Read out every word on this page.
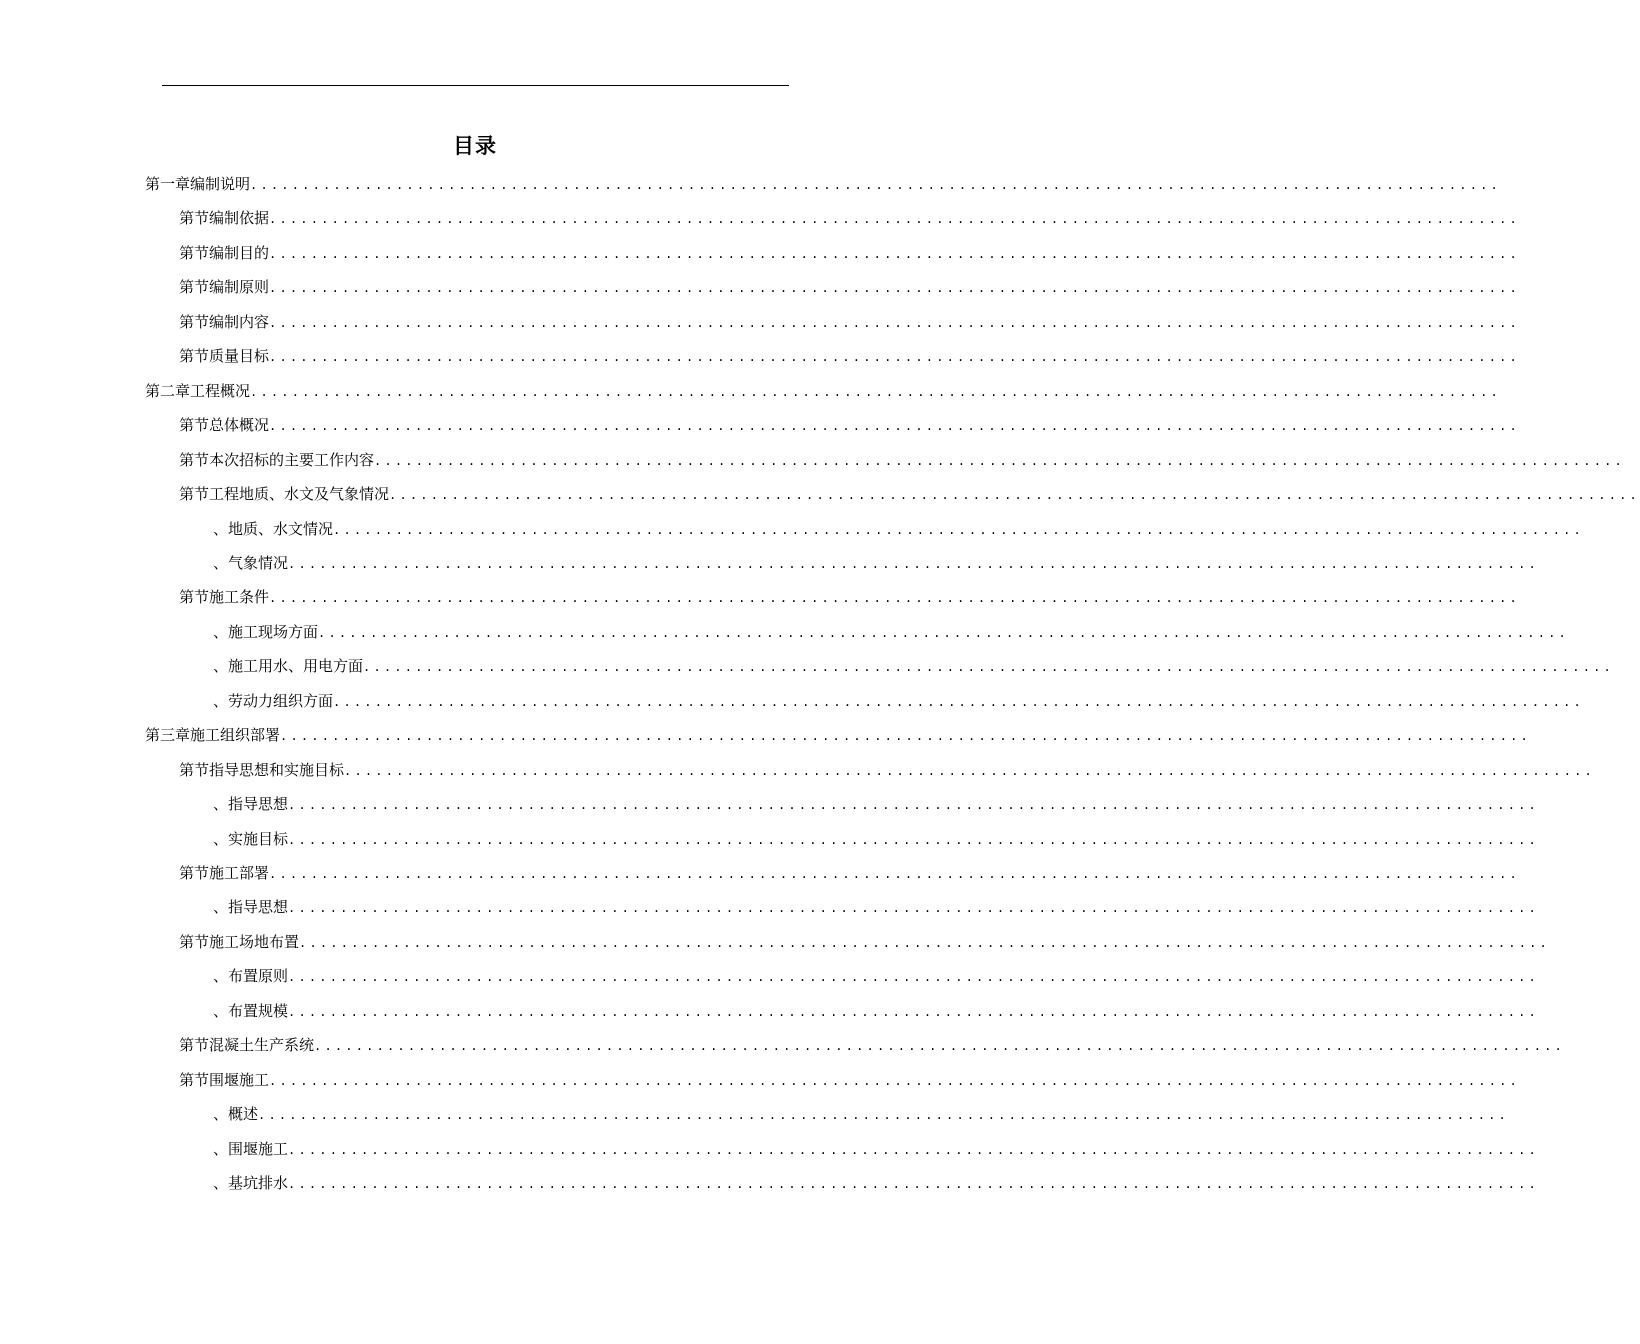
目录
第一章 编制说明 ........................................................................................................................
第节 编制依据 ........................................................................................................................
第节 编制目的 ........................................................................................................................
第节 编制原则 ........................................................................................................................
第节 编制内容 ........................................................................................................................
第节 质量目标 ........................................................................................................................
第二章 工程概况 ........................................................................................................................
第节 总体概况 ........................................................................................................................
第节 本次招标的主要工作内容 ........................................................................................................................
第节 工程地质、水文及气象情况 ........................................................................................................................
、 地质、水文情况 ........................................................................................................................
、 气象情况 ........................................................................................................................
第节 施工条件 ........................................................................................................................
、 施工现场方面 ........................................................................................................................
、 施工用水、用电方面 ........................................................................................................................
、 劳动力组织方面 ........................................................................................................................
第三章 施工组织部署 ........................................................................................................................
第节 指导思想和实施目标 ........................................................................................................................
、 指导思想 ........................................................................................................................
、 实施目标 ........................................................................................................................
第节 施工部署 ........................................................................................................................
、 指导思想 ........................................................................................................................
第节 施工场地布置 ........................................................................................................................
、 布置原则 ........................................................................................................................
、 布置规模 ........................................................................................................................
第节 混凝土生产系统 ........................................................................................................................
第节 围堰施工 ........................................................................................................................
、 概述 ........................................................................................................................
、 围堰施工 ........................................................................................................................
、 基坑排水 ........................................................................................................................
